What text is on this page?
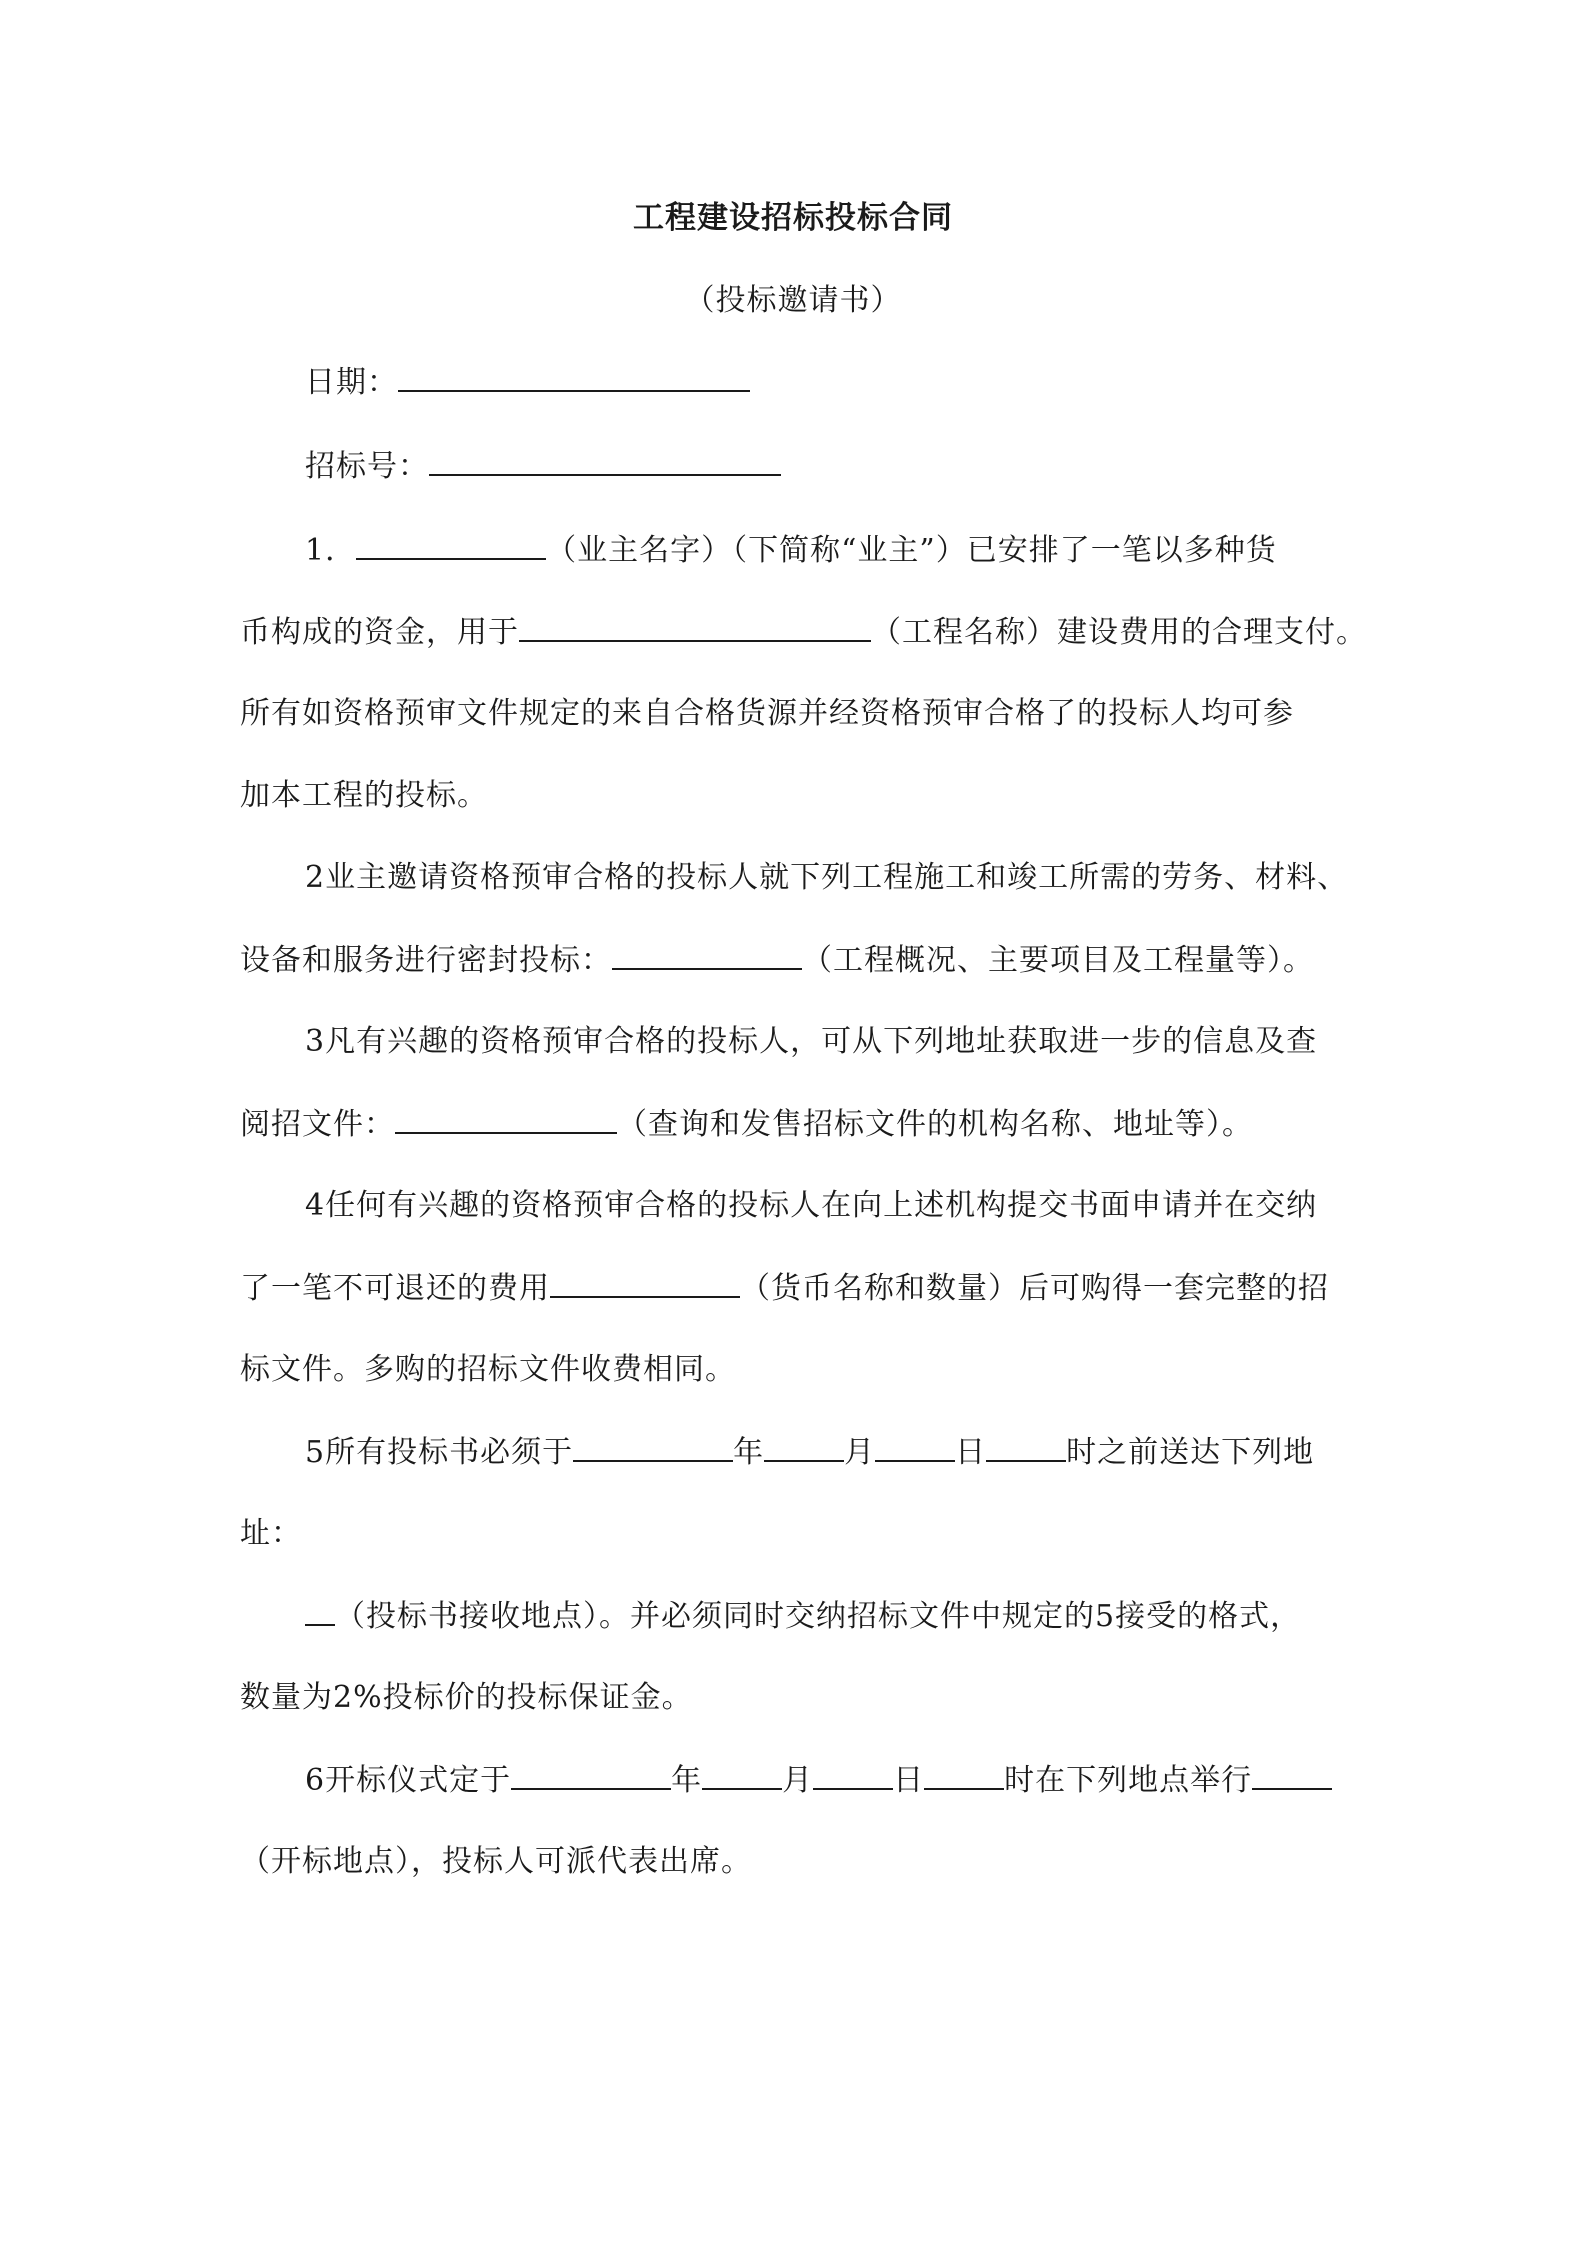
工程建设招标投标合同
（投标邀请书）
日期：
招标号：
1．	（业主名字）（下简称“业主”）已安排了一笔以多种货
币构成的资金，用于	（工程名称）建设费用的合理支付。
所有如资格预审文件规定的来自合格货源并经资格预审合格了的投标人均可参
加本工程的投标。
2业主邀请资格预审合格的投标人就下列工程施工和竣工所需的劳务、材料、
设备和服务进行密封投标：	（工程概况、主要项目及工程量等）。
3凡有兴趣的资格预审合格的投标人，可从下列地址获取进一步的信息及查
阅招文件：	（查询和发售招标文件的机构名称、地址等）。
4任何有兴趣的资格预审合格的投标人在向上述机构提交书面申请并在交纳
了一笔不可退还的费用	（货币名称和数量）后可购得一套完整的招
标文件。多购的招标文件收费相同。
5所有投标书必须于	年	月	日	时之前送达下列地
址：
（投标书接收地点）。并必须同时交纳招标文件中规定的5接受的格式，
数量为2%投标价的投标保证金。
6开标仪式定于	年	月	日	时在下列地点举行
（开标地点），投标人可派代表出席。
